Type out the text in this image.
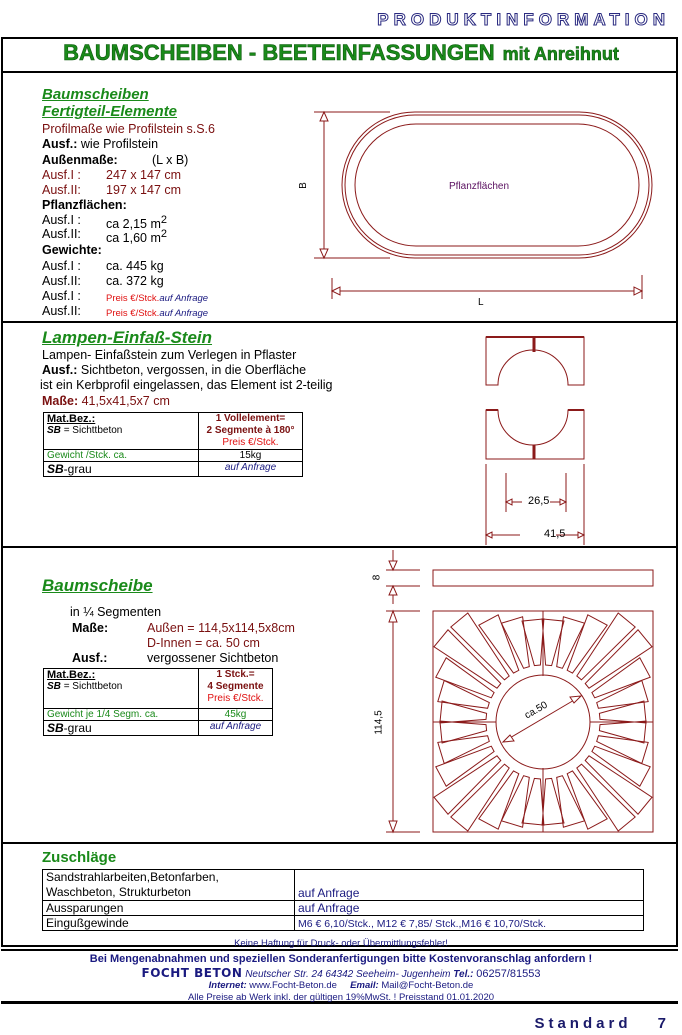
PRODUKTINFORMATION
BAUMSCHEIBEN - BEETEINFASSUNGEN mit Anreihnut
Baumscheiben
Fertigteil-Elemente
Profilmaße wie Profilstein s.S.6
Ausf.: wie Profilstein
Außenmaße:	(L x B)
Ausf.I : 247 x 147 cm
Ausf.II: 197 x 147 cm
Pflanzflächen:
Ausf.I : ca 2,15 $m^2$
Ausf.II: ca 1,60 $m^2$
Gewichte:
Ausf.I : ca. 445 kg
Ausf.II: ca. 372 kg
Ausf.I :	Preis €/Stck.auf Anfrage
Ausf.II:	Preis €/Stck.auf Anfrage
Pflanzflächen
B
L
Lampen-Einfaß-Stein
Lampen- Einfaßstein zum Verlegen in Pflaster
Ausf.: Sichtbeton, vergossen, in die Oberfläche
ist ein Kerbprofil eingelassen, das Element ist 2-teilig
Maße: 41,5x41,5x7 cm
Mat.Bez.:
SB = Sichttbeton	1 Vollelement=
2 Segmente à 180°
Preis €/Stck.
Gewicht /Stck. ca.	15kg
SB-grau	auf Anfrage
26,5
41,5
Baumscheibe
in ¼ Segmenten
Maße:	Außen = 114,5x114,5x8cm
D-Innen = ca. 50 cm
Ausf.:	vergossener Sichtbeton
Mat.Bez.:
SB = Sichttbeton	1 Stck.=
4 Segmente
Preis €/Stck.
Gewicht je 1/4 Segm. ca.	45kg
SB-grau	auf Anfrage
8
114,5	ca.50
Zuschläge
Sandstrahlarbeiten,Betonfarben,
Waschbeton, Strukturbeton	auf Anfrage
Aussparungen	auf Anfrage
Eingußgewinde	M6 € 6,10/Stck., M12 € 7,85/ Stck.,M16 € 10,70/Stck.
Keine Haftung für Druck- oder Übermittlungsfehler!
Bei Mengenabnahmen und speziellen Sonderanfertigungen bitte Kostenvoranschlag anfordern !
FOCHT BETON Neutscher Str. 24 64342 Seeheim- Jugenheim Tel.: 06257/81553
Internet: www.Focht-Beton.de Email: Mail@Focht-Beton.de
Alle Preise ab Werk inkl. der gültigen 19%MwSt. ! Preisstand 01.01.2020
Standard 7
